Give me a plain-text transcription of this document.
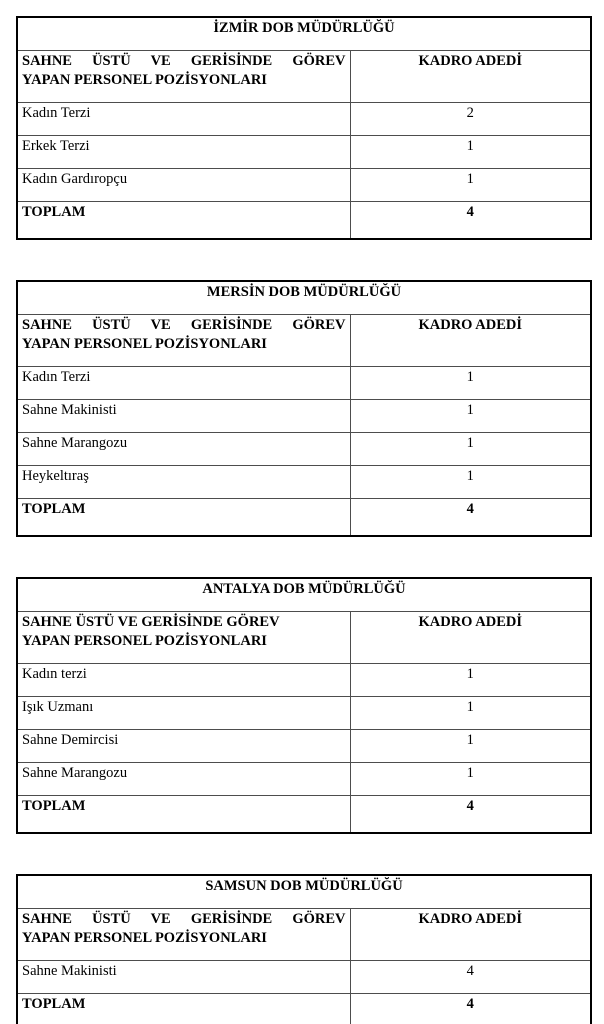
İZMİR DOB MÜDÜRLÜĞÜ	

SAHNE ÜSTÜ VE GERİSİNDE GÖREV
YAPAN PERSONEL POZİSYONLARI	KADRO ADEDİ
Kadın Terzi	2
Erkek Terzi	1
Kadın Gardıropçu	1
TOPLAM	4
MERSİN DOB MÜDÜRLÜĞÜ	

SAHNE ÜSTÜ VE GERİSİNDE GÖREV
YAPAN PERSONEL POZİSYONLARI	KADRO ADEDİ
Kadın Terzi	1
Sahne Makinisti	1
Sahne Marangozu	1
Heykeltıraş	1
TOPLAM	4
ANTALYA DOB MÜDÜRLÜĞÜ	

SAHNE ÜSTÜ VE GERİSİNDE GÖREV
YAPAN PERSONEL POZİSYONLARI	KADRO ADEDİ
Kadın terzi	1
Işık Uzmanı	1
Sahne Demircisi	1
Sahne Marangozu	1
TOPLAM	4
SAMSUN DOB MÜDÜRLÜĞÜ	

SAHNE ÜSTÜ VE GERİSİNDE GÖREV
YAPAN PERSONEL POZİSYONLARI	KADRO ADEDİ
Sahne Makinisti	4
TOPLAM	4
